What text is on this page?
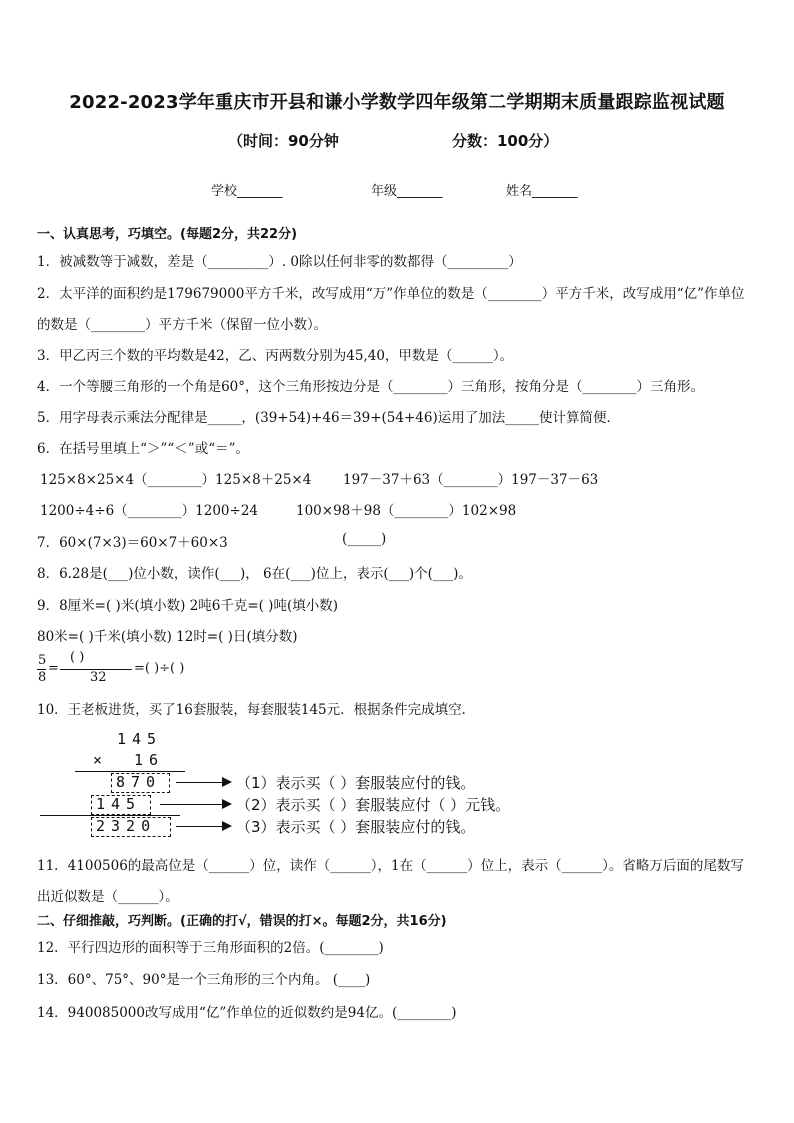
2022-2023学年重庆市开县和谦小学数学四年级第二学期期末质量跟踪监视试题
（时间：90分钟	分数：100分）
学校_______	年级_______	姓名_______
一、认真思考，巧填空。(每题2分，共22分)
1．被减数等于减数，差是（_________）. 0除以任何非零的数都得（_________）
2．太平洋的面积约是179679000平方千米，改写成用“万”作单位的数是（________）平方千米，改写成用“亿”作单位
的数是（________）平方千米（保留一位小数）。
3．甲乙丙三个数的平均数是42，乙、丙两数分别为45,40，甲数是（______）。
4．一个等腰三角形的一个角是60°，这个三角形按边分是（________）三角形，按角分是（________）三角形。
5．用字母表示乘法分配律是_____，(39+54)+46＝39+(54+46)运用了加法_____使计算简便．
6．在括号里填上“＞”“＜”或“＝”。
125×8×25×4（________）125×8＋25×4 197－37＋63（________）197－37－63
1200÷4÷6（________）1200÷24	100×98＋98（________）102×98
7．60×(7×3)＝60×7＋60×3	(_____)
8．6.28是(___)位小数，读作(___)， 6在(___)位上，表示(___)个(___)。
9．8厘米=( )米(填小数) 2吨6千克=( )吨(填小数)
80米=( )千米(填小数) 12时=( )日(填分数)
5
8
=
( )
32
=( )÷( )
10．王老板进货，买了16套服装，每套服装145元．根据条件完成填空．
145
× 16
870
145
2320
（1）表示买（ ）套服装应付的钱。
（2）表示买（ ）套服装应付（ ）元钱。
（3）表示买（ ）套服装应付的钱。
11．4100506的最高位是（______）位，读作（______），1在（______）位上，表示（______）。省略万后面的尾数写
出近似数是（______）。
二、仔细推敲，巧判断。(正确的打√，错误的打×。每题2分，共16分)
12．平行四边形的面积等于三角形面积的2倍。(________)
13．60°、75°、90°是一个三角形的三个内角。 (____)
14．940085000改写成用“亿”作单位的近似数约是94亿。(________)
